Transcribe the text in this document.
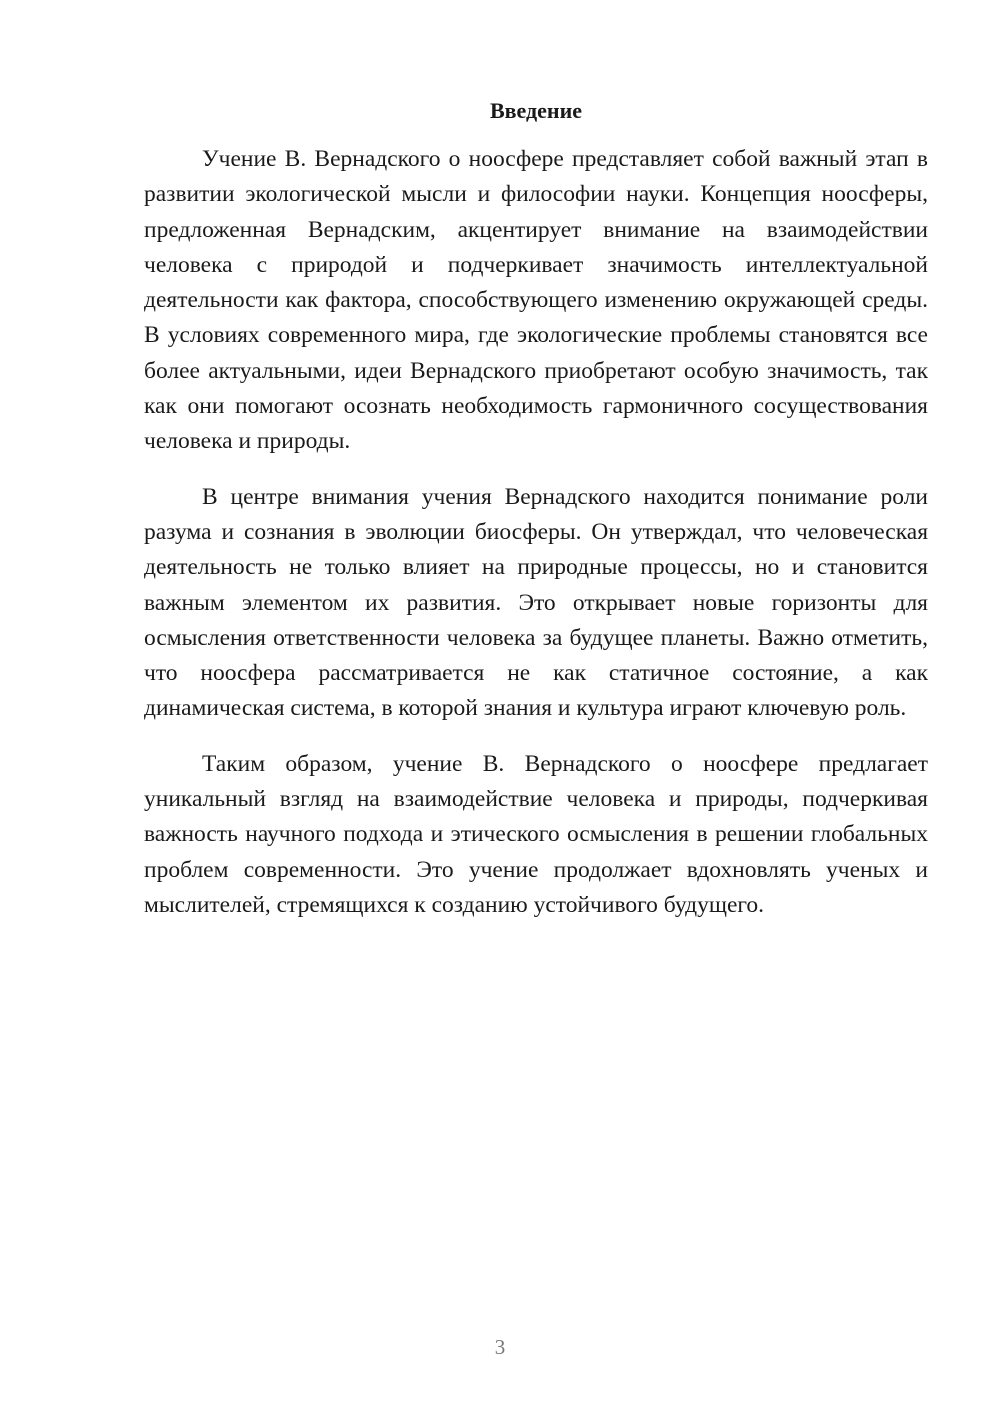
Введение

Учение В. Вернадского о ноосфере представляет собой важный этап в развитии экологической мысли и философии науки. Концепция ноосферы, предложенная Вернадским, акцентирует внимание на взаимодействии человека с природой и подчеркивает значимость интеллектуальной деятельности как фактора, способствующего изменению окружающей среды. В условиях современного мира, где экологические проблемы становятся все более актуальными, идеи Вернадского приобретают особую значимость, так как они помогают осознать необходимость гармоничного сосуществования человека и природы.

В центре внимания учения Вернадского находится понимание роли разума и сознания в эволюции биосферы. Он утверждал, что человеческая деятельность не только влияет на природные процессы, но и становится важным элементом их развития. Это открывает новые горизонты для осмысления ответственности человека за будущее планеты. Важно отметить, что ноосфера рассматривается не как статичное состояние, а как динамическая система, в которой знания и культура играют ключевую роль.

Таким образом, учение В. Вернадского о ноосфере предлагает уникальный взгляд на взаимодействие человека и природы, подчеркивая важность научного подхода и этического осмысления в решении глобальных проблем современности. Это учение продолжает вдохновлять ученых и мыслителей, стремящихся к созданию устойчивого будущего.

3
